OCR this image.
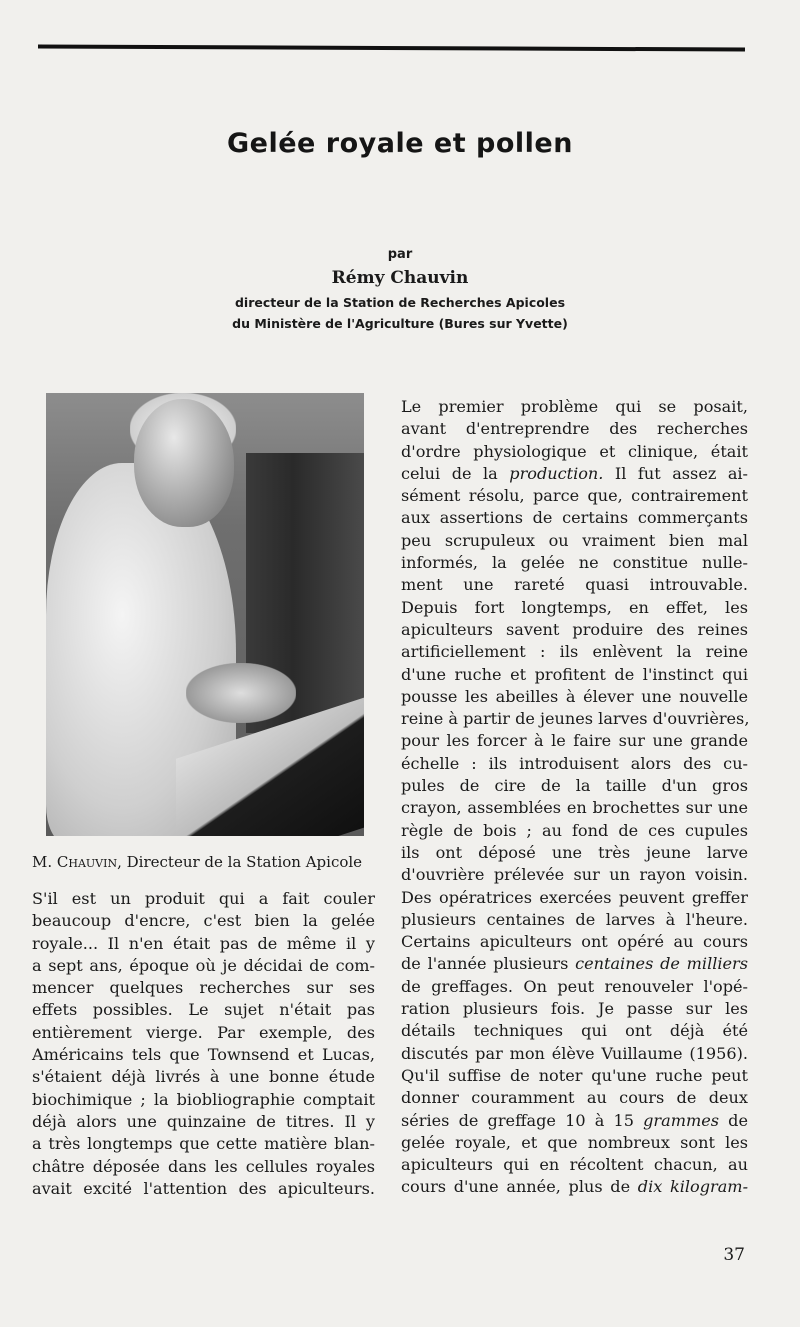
Gelée royale et pollen
par
Rémy Chauvin
directeur de la Station de Recherches Apicoles
du Ministère de l'Agriculture (Bures sur Yvette)
M. Chauvin, Directeur de la Station Apicole
S'il est un produit qui a fait couler
beaucoup d'encre, c'est bien la gelée
royale... Il n'en était pas de même il y
a sept ans, époque où je décidai de com-
mencer quelques recherches sur ses
effets possibles. Le sujet n'était pas
entièrement vierge. Par exemple, des
Américains tels que Townsend et Lucas,
s'étaient déjà livrés à une bonne étude
biochimique ; la biobliographie comptait
déjà alors une quinzaine de titres. Il y
a très longtemps que cette matière blan-
châtre déposée dans les cellules royales
avait excité l'attention des apiculteurs.
Le premier problème qui se posait,
avant d'entreprendre des recherches
d'ordre physiologique et clinique, était
celui de la production. Il fut assez ai-
sément résolu, parce que, contrairement
aux assertions de certains commerçants
peu scrupuleux ou vraiment bien mal
informés, la gelée ne constitue nulle-
ment une rareté quasi introuvable.
Depuis fort longtemps, en effet, les
apiculteurs savent produire des reines
artificiellement : ils enlèvent la reine
d'une ruche et profitent de l'instinct qui
pousse les abeilles à élever une nouvelle
reine à partir de jeunes larves d'ouvrières,
pour les forcer à le faire sur une grande
échelle : ils introduisent alors des cu-
pules de cire de la taille d'un gros
crayon, assemblées en brochettes sur une
règle de bois ; au fond de ces cupules
ils ont déposé une très jeune larve
d'ouvrière prélevée sur un rayon voisin.
Des opératrices exercées peuvent greffer
plusieurs centaines de larves à l'heure.
Certains apiculteurs ont opéré au cours
de l'année plusieurs centaines de milliers
de greffages. On peut renouveler l'opé-
ration plusieurs fois. Je passe sur les
détails techniques qui ont déjà été
discutés par mon élève Vuillaume (1956).
Qu'il suffise de noter qu'une ruche peut
donner couramment au cours de deux
séries de greffage 10 à 15 grammes de
gelée royale, et que nombreux sont les
apiculteurs qui en récoltent chacun, au
cours d'une année, plus de dix kilogram-
37
